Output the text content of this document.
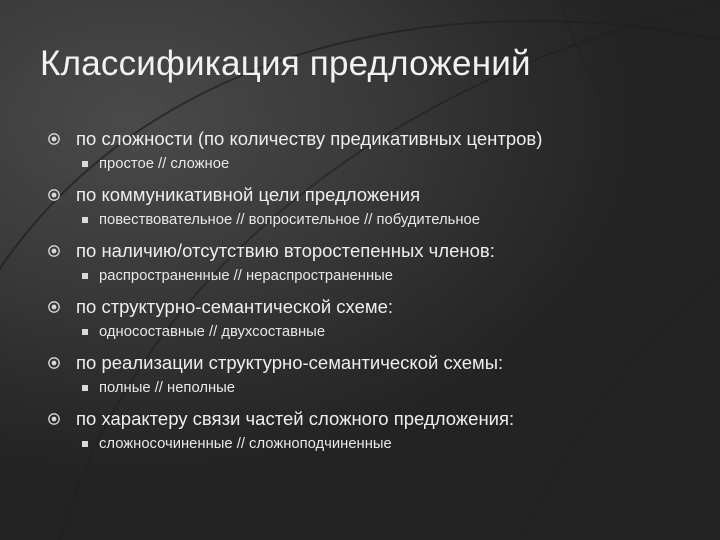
Классификация предложений
по сложности (по количеству предикативных центров)
простое // сложное
по коммуникативной цели предложения
повествовательное // вопросительное // побудительное
по наличию/отсутствию второстепенных членов:
распространенные // нераспространенные
по структурно-семантической схеме:
односоставные // двухсоставные
по реализации структурно-семантической схемы:
полные // неполные
по характеру связи частей сложного предложения:
сложносочиненные // сложноподчиненные
